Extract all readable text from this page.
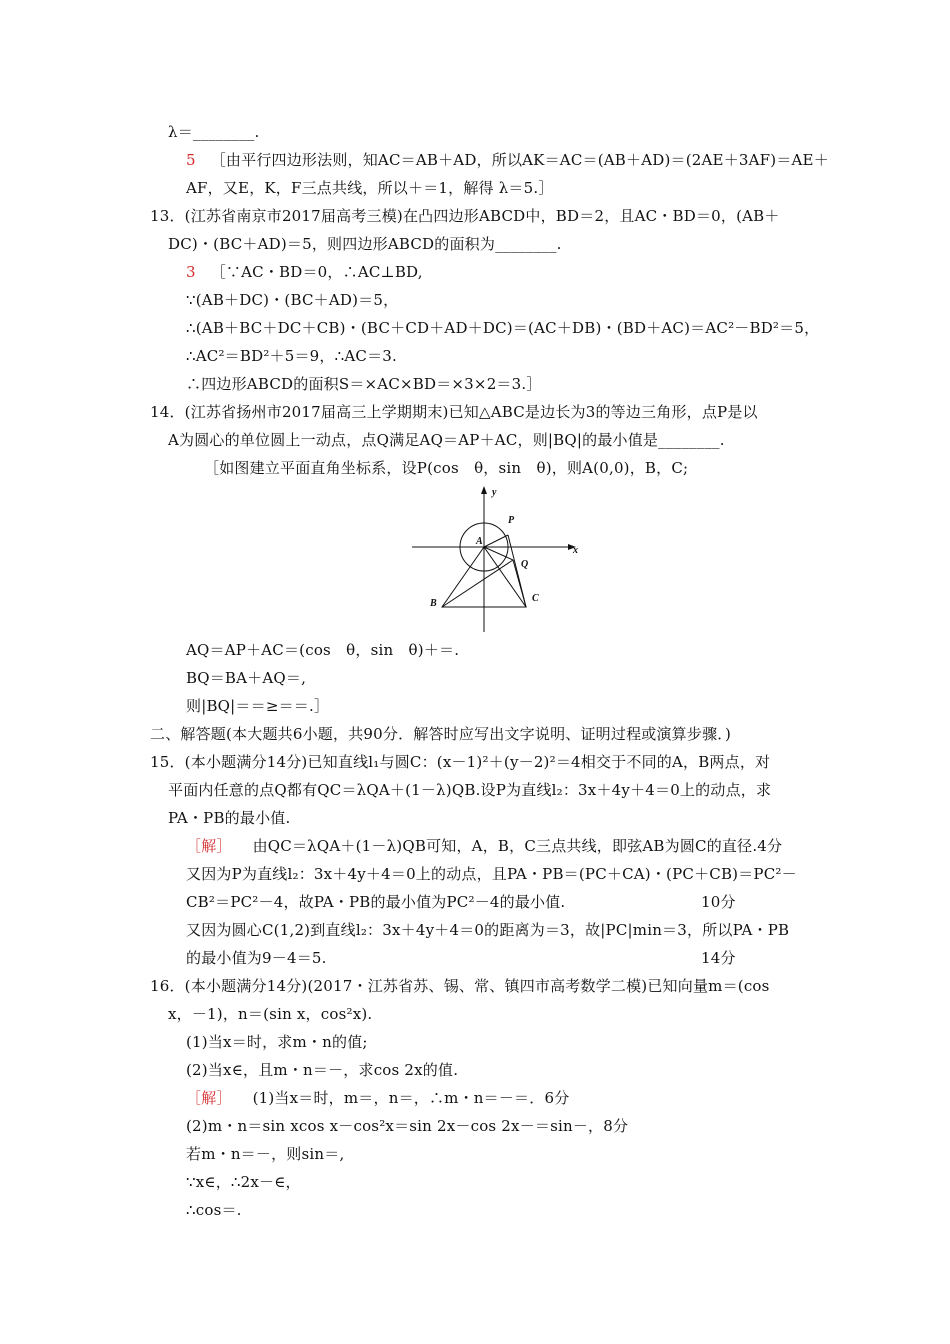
λ＝________.
5 ［由平行四边形法则，知AC＝AB＋AD，所以AK＝AC＝(AB＋AD)＝(2AE＋3AF)＝AE＋
AF，又E，K，F三点共线，所以＋＝1，解得 λ＝5.］
13．(江苏省南京市2017届高考三模)在凸四边形ABCD中，BD＝2，且AC・BD＝0，(AB＋
DC)・(BC＋AD)＝5，则四边形ABCD的面积为________.
3 ［∵AC・BD＝0，∴AC⊥BD,
∵(AB＋DC)・(BC＋AD)＝5，
∴(AB＋BC＋DC＋CB)・(BC＋CD＋AD＋DC)＝(AC＋DB)・(BD＋AC)＝AC²－BD²＝5，
∴AC²＝BD²＋5＝9，∴AC＝3.
∴四边形ABCD的面积S＝×AC×BD＝×3×2＝3.］
14．(江苏省扬州市2017届高三上学期期末)已知△ABC是边长为3的等边三角形，点P是以
A为圆心的单位圆上一动点，点Q满足AQ＝AP＋AC，则|BQ|的最小值是________.
［如图建立平面直角坐标系，设P(cos　θ，sin　θ)，则A(0,0)，B，C;
x
y
A
P
Q
B	C
AQ＝AP＋AC＝(cos　θ，sin　θ)＋＝.
BQ＝BA＋AQ＝,
则|BQ|＝＝≥＝＝.］
二、解答题(本大题共6小题，共90分．解答时应写出文字说明、证明过程或演算步骤．)
15．(本小题满分14分)已知直线l₁与圆C：(x－1)²＋(y－2)²＝4相交于不同的A，B两点，对
平面内任意的点Q都有QC＝λQA＋(1－λ)QB.设P为直线l₂：3x＋4y＋4＝0上的动点，求
PA・PB的最小值.
［解］ 由QC＝λQA＋(1－λ)QB可知，A，B，C三点共线，即弦AB为圆C的直径.4分
又因为P为直线l₂：3x＋4y＋4＝0上的动点，且PA・PB＝(PC＋CA)・(PC＋CB)＝PC²－
CB²＝PC²－4，故PA・PB的最小值为PC²－4的最小值.	10分
又因为圆心C(1,2)到直线l₂：3x＋4y＋4＝0的距离为＝3，故|PC|min＝3，所以PA・PB
的最小值为9－4＝5.	14分
16．(本小题满分14分)(2017・江苏省苏、锡、常、镇四市高考数学二模)已知向量m＝(cos
x，－1)，n＝(sin x，cos²x).
(1)当x＝时，求m・n的值;
(2)当x∈，且m・n＝－，求cos 2x的值.
［解］ (1)当x＝时，m＝，n＝，∴m・n＝－＝．6分
(2)m・n＝sin xcos x－cos²x＝sin 2x－cos 2x－＝sin－，8分
若m・n＝－，则sin＝,
∵x∈，∴2x－∈，
∴cos＝.
